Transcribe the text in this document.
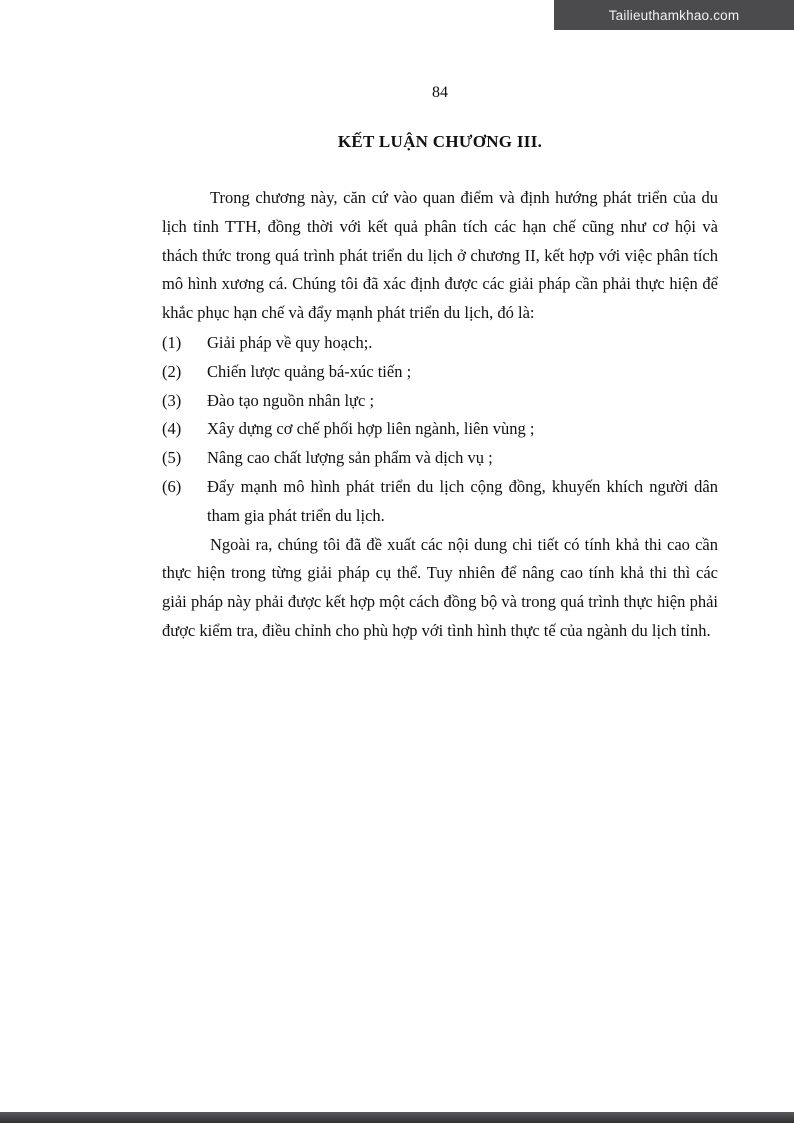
Tailieuthamkhao.com
84
KẾT LUẬN CHƯƠNG III.

Trong chương này, căn cứ vào quan điểm và định hướng phát triển của du lịch tỉnh TTH, đồng thời với kết quả phân tích các hạn chế cũng như cơ hội và thách thức trong quá trình phát triển du lịch ở chương II, kết hợp với việc phân tích mô hình xương cá. Chúng tôi đã xác định được các giải pháp cần phải thực hiện để khắc phục hạn chế và đẩy mạnh phát triển du lịch, đó là:

(1)	Giải pháp về quy hoạch;.
(2)	Chiến lược quảng bá-xúc tiến ;
(3)	Đào tạo nguồn nhân lực ;
(4)	Xây dựng cơ chế phối hợp liên ngành, liên vùng ;
(5)	Nâng cao chất lượng sản phẩm và dịch vụ ;
(6)	Đẩy mạnh mô hình phát triển du lịch cộng đồng, khuyến khích người dân tham gia phát triển du lịch.

Ngoài ra, chúng tôi đã đề xuất các nội dung chi tiết có tính khả thi cao cần thực hiện trong từng giải pháp cụ thể. Tuy nhiên để nâng cao tính khả thi thì các giải pháp này phải được kết hợp một cách đồng bộ và trong quá trình thực hiện phải được kiểm tra, điều chỉnh cho phù hợp với tình hình thực tế của ngành du lịch tỉnh.
